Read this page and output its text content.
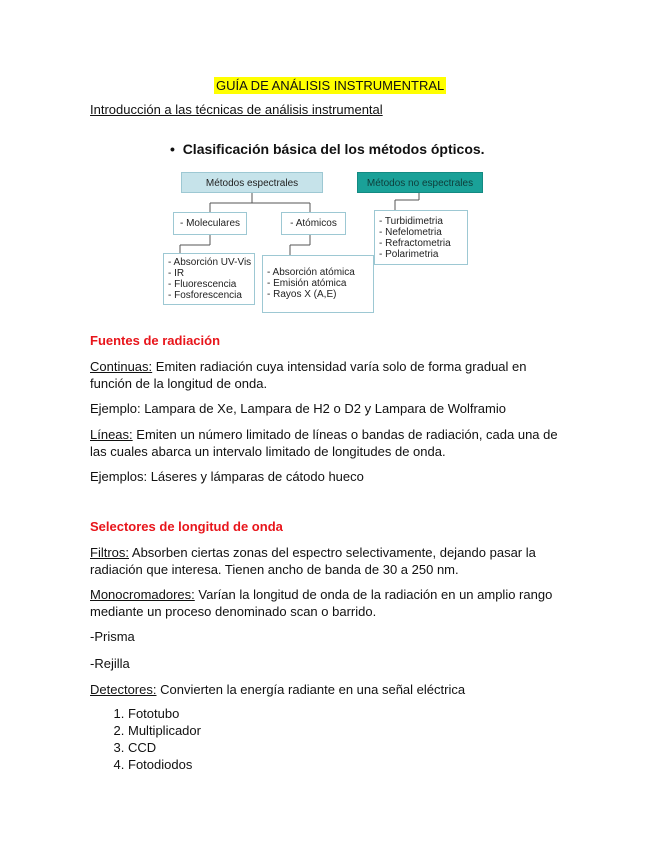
GUÍA DE ANÁLISIS INSTRUMENTRAL
Introducción a las técnicas de análisis instrumental
• Clasificación básica del los métodos ópticos.
Métodos espectrales	Métodos no espectrales
- Moleculares	- Atómicos
- Absorción UV-Vis
- IR
- Fluorescencia
- Fosforescencia
- Absorción atómica
- Emisión atómica
- Rayos X (A,E)
- Turbidimetria
- Nefelometria
- Refractometria
- Polarimetria
Fuentes de radiación
Continuas: Emiten radiación cuya intensidad varía solo de forma gradual en
función de la longitud de onda.
Ejemplo: Lampara de Xe, Lampara de H2 o D2 y Lampara de Wolframio
Líneas: Emiten un número limitado de líneas o bandas de radiación, cada una de
las cuales abarca un intervalo limitado de longitudes de onda.
Ejemplos: Láseres y lámparas de cátodo hueco
Selectores de longitud de onda
Filtros: Absorben ciertas zonas del espectro selectivamente, dejando pasar la
radiación que interesa. Tienen ancho de banda de 30 a 250 nm.
Monocromadores: Varían la longitud de onda de la radiación en un amplio rango
mediante un proceso denominado scan o barrido.
-Prisma
-Rejilla
Detectores: Convierten la energía radiante en una señal eléctrica
1. Fototubo
2. Multiplicador
3. CCD
4. Fotodiodos
